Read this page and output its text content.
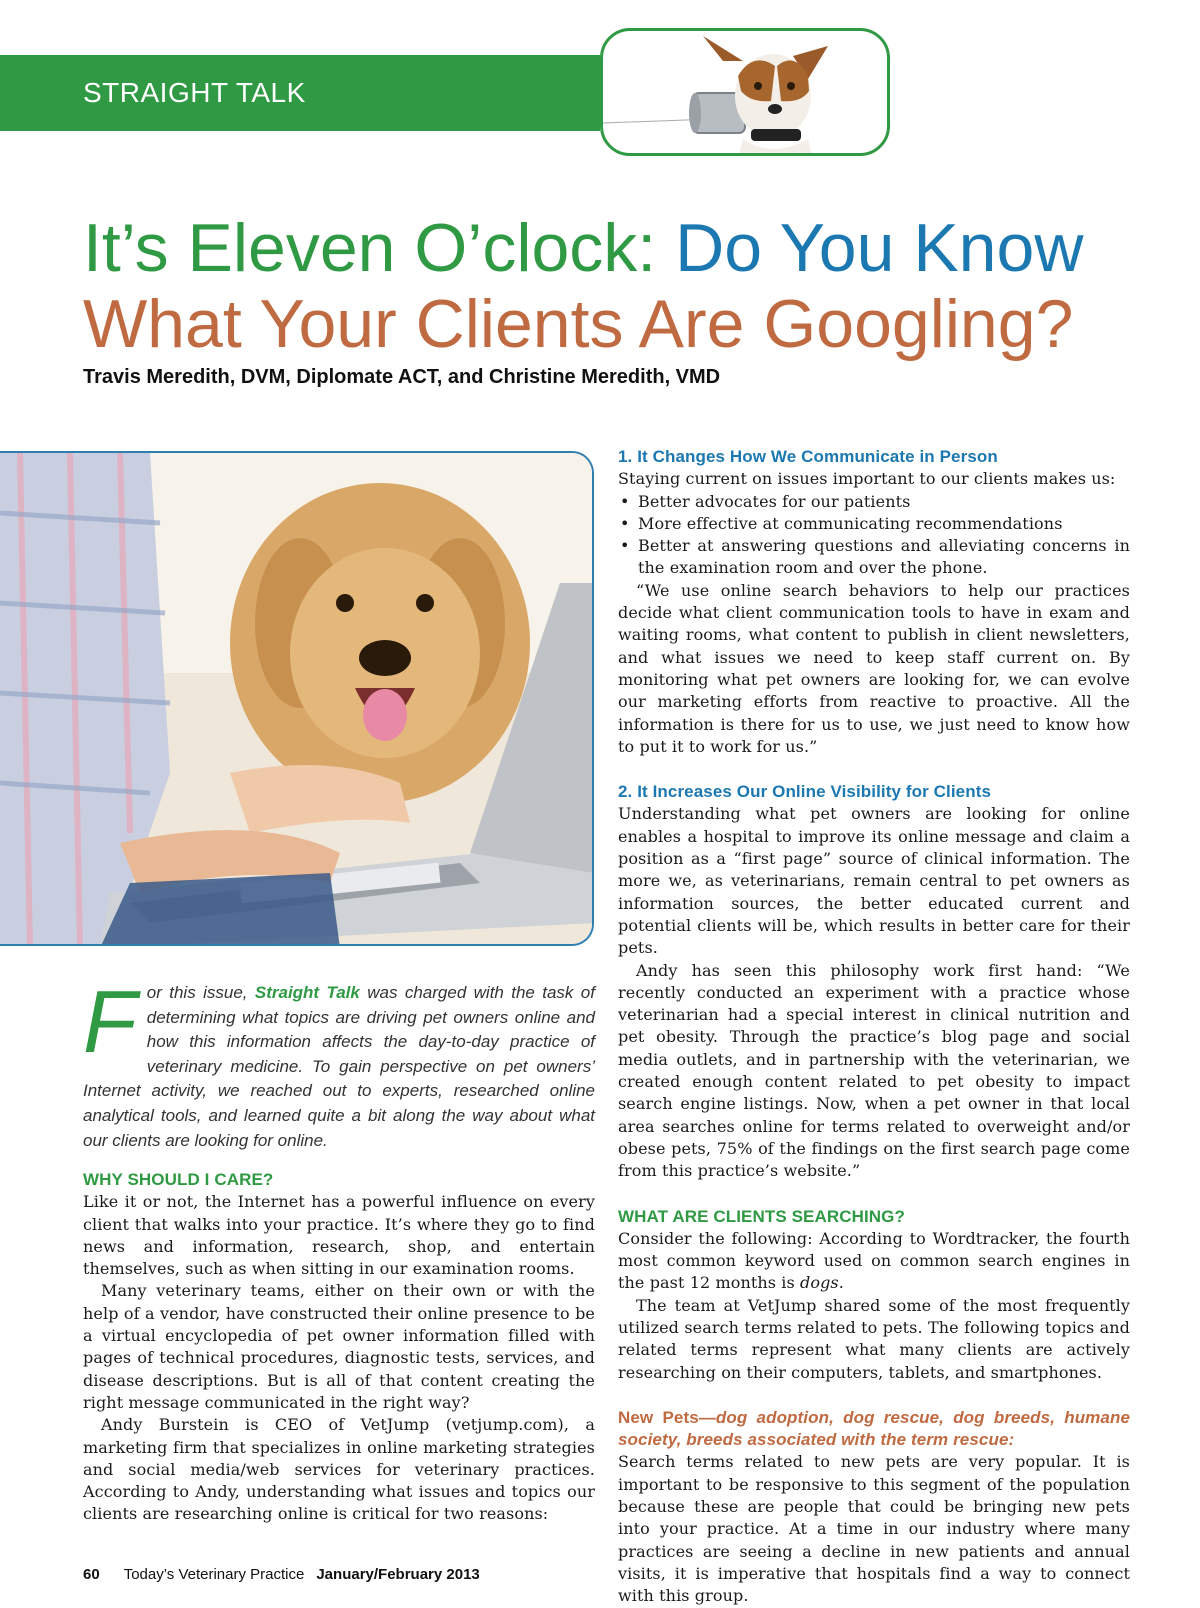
STRAIGHT TALK
It’s Eleven O’clock: Do You Know
What Your Clients Are Googling?
Travis Meredith, DVM, Diplomate ACT, and Christine Meredith, VMD
For this issue, Straight Talk was charged with the task of determining what topics are driving pet owners online and how this information affects the day-to-day practice of veterinary medicine. To gain perspective on pet owners’ Internet activity, we reached out to experts, researched online analytical tools, and learned quite a bit along the way about what our clients are looking for online.
WHY SHOULD I CARE?

Like it or not, the Internet has a powerful influence on every client that walks into your practice. It’s where they go to find news and information, research, shop, and entertain themselves, such as when sitting in our examination rooms.

Many veterinary teams, either on their own or with the help of a vendor, have constructed their online presence to be a virtual encyclopedia of pet owner information filled with pages of technical procedures, diagnostic tests, services, and disease descriptions. But is all of that content creating the right message communicated in the right way?

Andy Burstein is CEO of VetJump (vetjump.com), a marketing firm that specializes in online marketing strategies and social media/web services for veterinary practices. According to Andy, understanding what issues and topics our clients are researching online is critical for two reasons:

1. It Changes How We Communicate in Person

Staying current on issues important to our clients makes us:

• Better advocates for our patients
• More effective at communicating recommendations
• Better at answering questions and alleviating concerns in the examination room and over the phone.

“We use online search behaviors to help our practices decide what client communication tools to have in exam and waiting rooms, what content to publish in client newsletters, and what issues we need to keep staff current on. By monitoring what pet owners are looking for, we can evolve our marketing efforts from reactive to proactive. All the information is there for us to use, we just need to know how to put it to work for us.”

2. It Increases Our Online Visibility for Clients

Understanding what pet owners are looking for online enables a hospital to improve its online message and claim a position as a “first page” source of clinical information. The more we, as veterinarians, remain central to pet owners as information sources, the better educated current and potential clients will be, which results in better care for their pets.

Andy has seen this philosophy work first hand: “We recently conducted an experiment with a practice whose veterinarian had a special interest in clinical nutrition and pet obesity. Through the practice’s blog page and social media outlets, and in partnership with the veterinarian, we created enough content related to pet obesity to impact search engine listings. Now, when a pet owner in that local area searches online for terms related to overweight and/or obese pets, 75% of the findings on the first search page come from this practice’s website.”

WHAT ARE CLIENTS SEARCHING?

Consider the following: According to Wordtracker, the fourth most common keyword used on common search engines in the past 12 months is dogs.

The team at VetJump shared some of the most frequently utilized search terms related to pets. The following topics and related terms represent what many clients are actively researching on their computers, tablets, and smartphones.

New Pets—dog adoption, dog rescue, dog breeds, humane society, breeds associated with the term rescue:

Search terms related to new pets are very popular. It is important to be responsive to this segment of the population because these are people that could be bringing new pets into your practice. At a time in our industry where many practices are seeing a decline in new patients and annual visits, it is imperative that hospitals find a way to connect with this group.

60 Today’s Veterinary Practice January/February 2013
